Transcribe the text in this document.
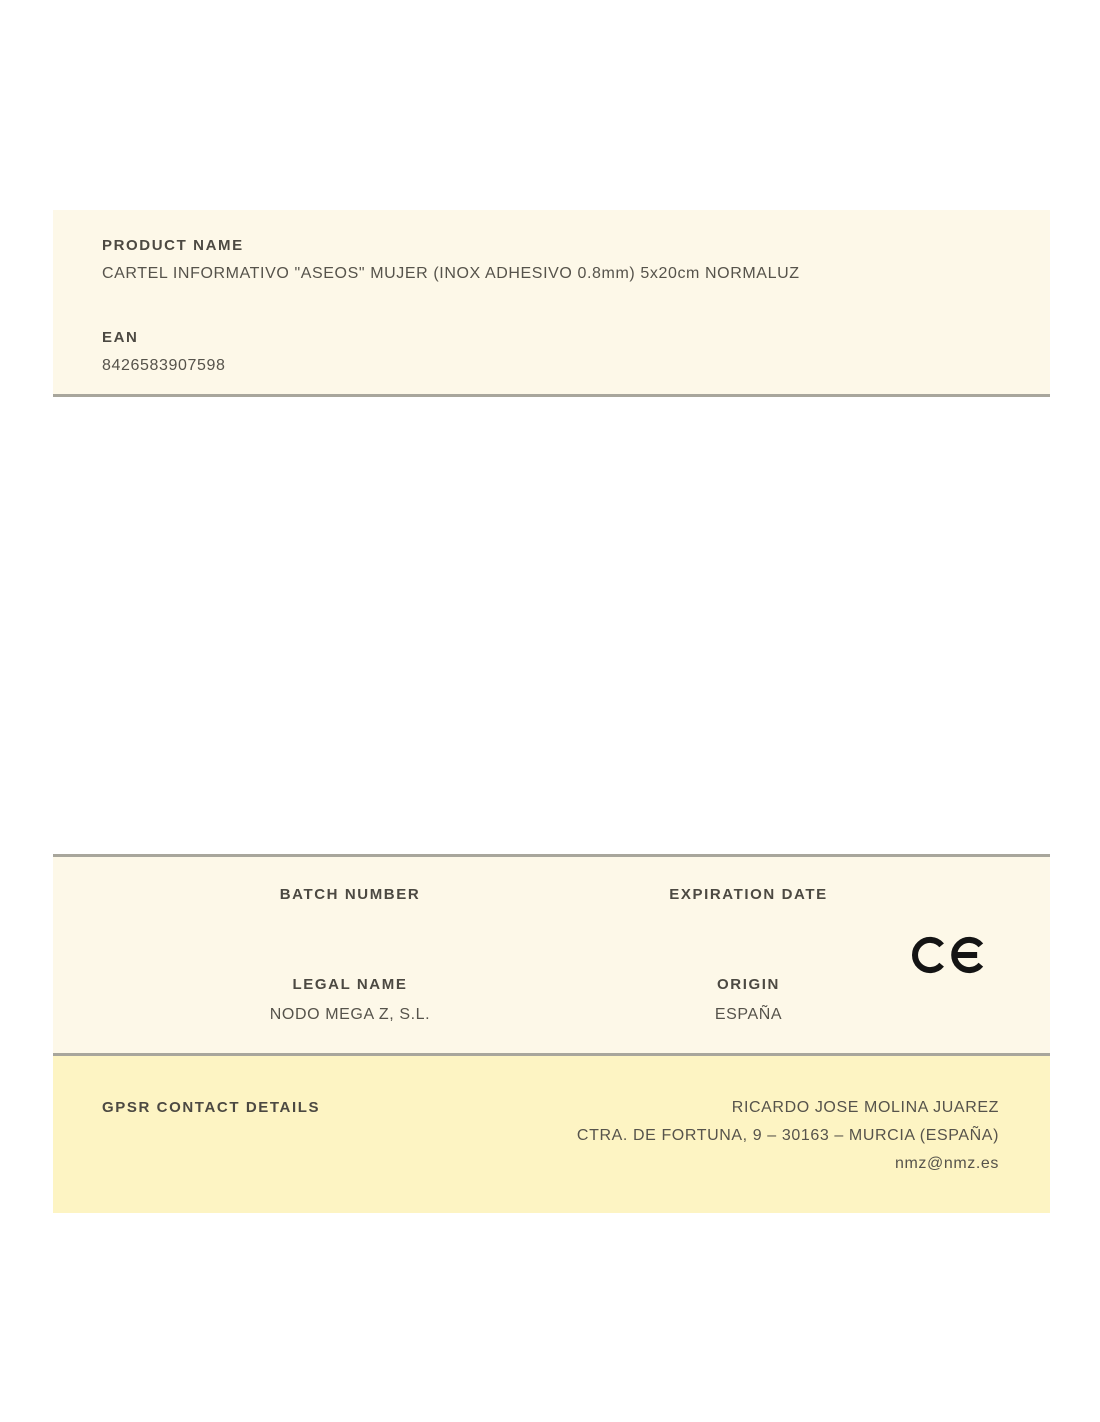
PRODUCT NAME
CARTEL INFORMATIVO "ASEOS" MUJER (INOX ADHESIVO 0.8mm) 5x20cm NORMALUZ
EAN
8426583907598
BATCH NUMBER
LEGAL NAME
NODO MEGA Z, S.L.
EXPIRATION DATE
ORIGIN
ESPAÑA
GPSR CONTACT DETAILS	RICARDO JOSE MOLINA JUAREZ
CTRA. DE FORTUNA, 9 – 30163 – MURCIA (ESPAÑA)
nmz@nmz.es
